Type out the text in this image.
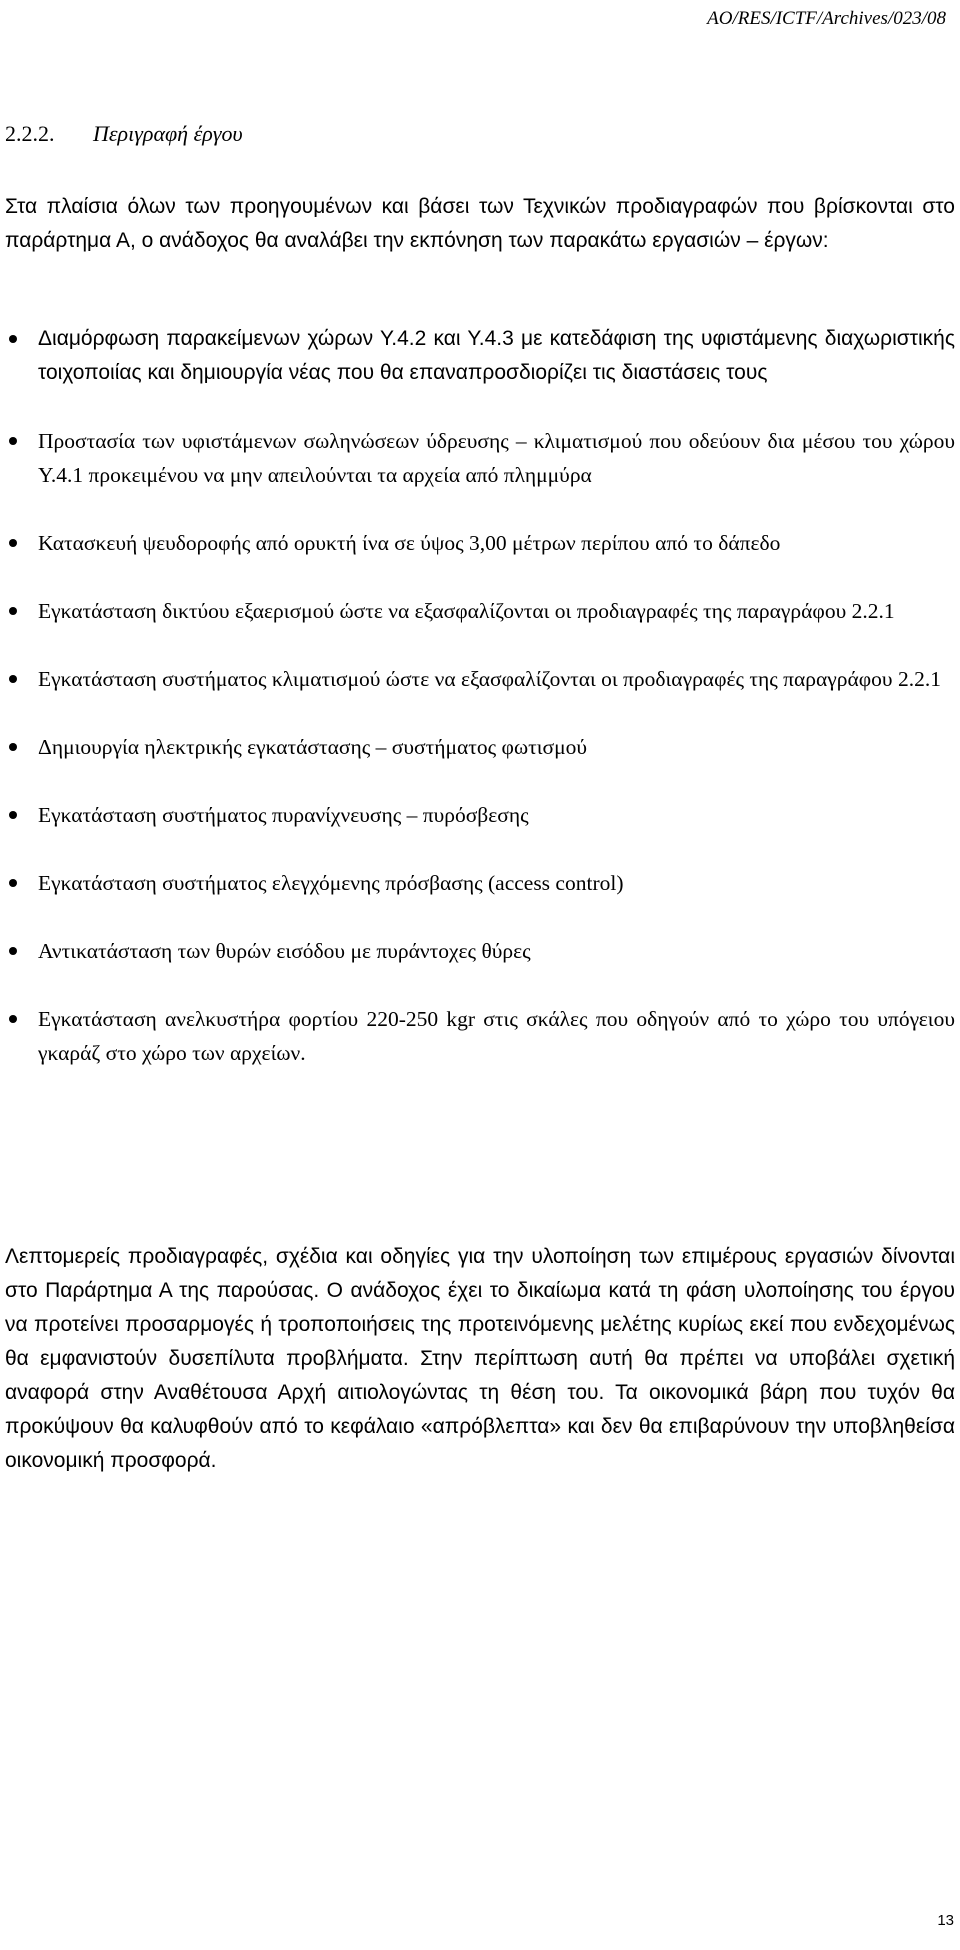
AO/RES/ICTF/Archives/023/08
2.2.2.	Περιγραφή έργου
Στα πλαίσια όλων των προηγουμένων και βάσει των Τεχνικών προδιαγραφών που βρίσκονται στο παράρτημα Α, ο ανάδοχος θα αναλάβει την εκπόνηση των παρακάτω εργασιών – έργων:
Διαμόρφωση παρακείμενων χώρων Υ.4.2 και Υ.4.3 με κατεδάφιση της υφιστάμενης διαχωριστικής τοιχοποιίας και δημιουργία νέας που θα επαναπροσδιορίζει τις διαστάσεις τους
Προστασία των υφιστάμενων σωληνώσεων ύδρευσης – κλιματισμού που οδεύουν δια μέσου του χώρου Υ.4.1 προκειμένου να μην απειλούνται τα αρχεία από πλημμύρα
Κατασκευή ψευδοροφής από ορυκτή ίνα σε ύψος 3,00 μέτρων περίπου από το δάπεδο
Εγκατάσταση δικτύου εξαερισμού ώστε να εξασφαλίζονται οι προδιαγραφές της παραγράφου 2.2.1
Εγκατάσταση συστήματος κλιματισμού ώστε να εξασφαλίζονται οι προδιαγραφές της παραγράφου 2.2.1
Δημιουργία ηλεκτρικής εγκατάστασης – συστήματος φωτισμού
Εγκατάσταση συστήματος πυρανίχνευσης – πυρόσβεσης
Εγκατάσταση συστήματος ελεγχόμενης πρόσβασης (access control)
Αντικατάσταση των θυρών εισόδου με πυράντοχες θύρες
Εγκατάσταση ανελκυστήρα φορτίου 220-250 kgr στις σκάλες που οδηγούν από το χώρο του υπόγειου γκαράζ στο χώρο των αρχείων.
Λεπτομερείς προδιαγραφές, σχέδια και οδηγίες για την υλοποίηση των επιμέρους εργασιών δίνονται στο Παράρτημα Α της παρούσας. Ο ανάδοχος έχει το δικαίωμα κατά τη φάση υλοποίησης του έργου να προτείνει προσαρμογές ή τροποποιήσεις της προτεινόμενης μελέτης κυρίως εκεί που ενδεχομένως θα εμφανιστούν δυσεπίλυτα προβλήματα. Στην περίπτωση αυτή θα πρέπει να υποβάλει σχετική αναφορά στην Αναθέτουσα Αρχή αιτιολογώντας τη θέση του. Τα οικονομικά βάρη που τυχόν θα προκύψουν θα καλυφθούν από το κεφάλαιο «απρόβλεπτα» και δεν θα επιβαρύνουν την υποβληθείσα οικονομική προσφορά.
13
